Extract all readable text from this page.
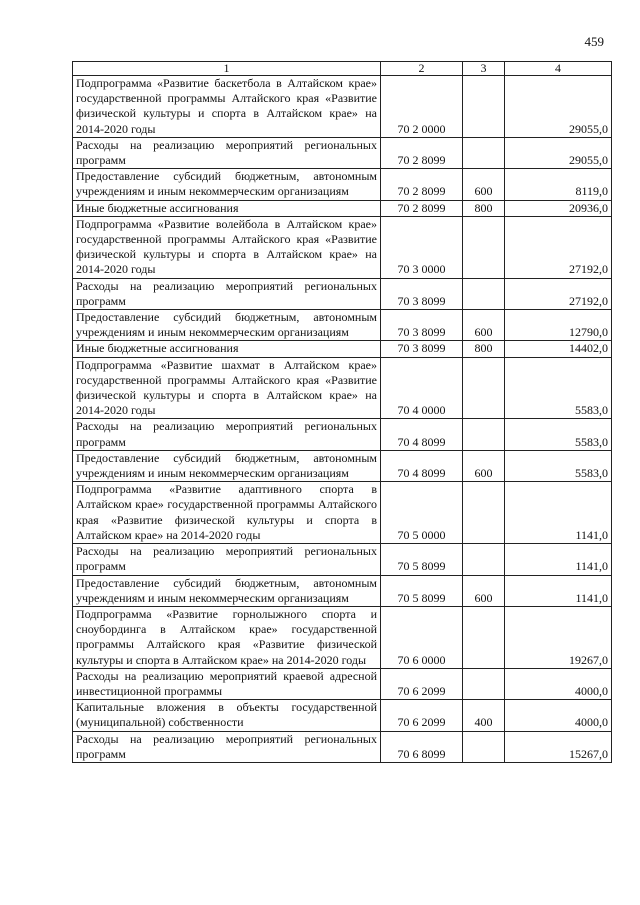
459
1	2	3	4
Подпрограмма «Развитие баскетбола в Алтайском крае» государственной программы Алтайского края «Развитие физической культуры и спорта в Алтайском крае» на 2014-2020 годы	70 2 0000		29055,0
Расходы на реализацию мероприятий региональных программ	70 2 8099		29055,0
Предоставление субсидий бюджетным, автономным учреждениям и иным некоммерческим организациям	70 2 8099	600	8119,0
Иные бюджетные ассигнования	70 2 8099	800	20936,0
Подпрограмма «Развитие волейбола в Алтайском крае» государственной программы Алтайского края «Развитие физической культуры и спорта в Алтайском крае» на 2014-2020 годы	70 3 0000		27192,0
Расходы на реализацию мероприятий региональных программ	70 3 8099		27192,0
Предоставление субсидий бюджетным, автономным учреждениям и иным некоммерческим организациям	70 3 8099	600	12790,0
Иные бюджетные ассигнования	70 3 8099	800	14402,0
Подпрограмма «Развитие шахмат в Алтайском крае» государственной программы Алтайского края «Развитие физической культуры и спорта в Алтайском крае» на 2014-2020 годы	70 4 0000		5583,0
Расходы на реализацию мероприятий региональных программ	70 4 8099		5583,0
Предоставление субсидий бюджетным, автономным учреждениям и иным некоммерческим организациям	70 4 8099	600	5583,0
Подпрограмма «Развитие адаптивного спорта в Алтайском крае» государственной программы Алтайского края «Развитие физической культуры и спорта в Алтайском крае» на 2014-2020 годы	70 5 0000		1141,0
Расходы на реализацию мероприятий региональных программ	70 5 8099		1141,0
Предоставление субсидий бюджетным, автономным учреждениям и иным некоммерческим организациям	70 5 8099	600	1141,0
Подпрограмма «Развитие горнолыжного спорта и сноубординга в Алтайском крае» государственной программы Алтайского края «Развитие физической культуры и спорта в Алтайском крае» на 2014-2020 годы	70 6 0000		19267,0
Расходы на реализацию мероприятий краевой адресной инвестиционной программы	70 6 2099		4000,0
Капитальные вложения в объекты государственной (муниципальной) собственности	70 6 2099	400	4000,0
Расходы на реализацию мероприятий региональных программ	70 6 8099		15267,0
